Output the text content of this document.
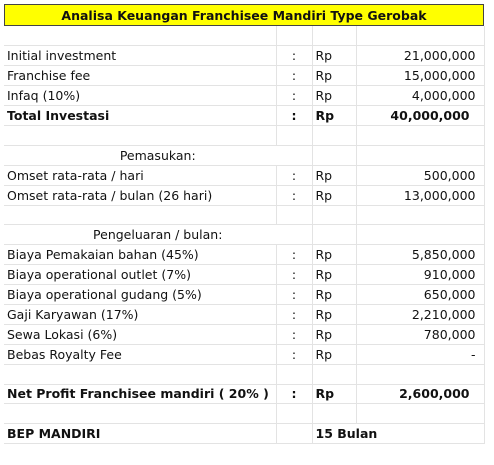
Analisa Keuangan Franchisee Mandiri Type Gerobak

Initial investment	:	Rp	21,000,000
Franchise fee	:	Rp	15,000,000
Infaq (10%)	:	Rp	4,000,000
Total Investasi	:	Rp	40,000,000

Pemasukan:			
Omset rata-rata / hari	:	Rp	500,000
Omset rata-rata / bulan (26 hari)	:	Rp	13,000,000

Pengeluaran / bulan:			
Biaya Pemakaian bahan (45%)	:	Rp	5,850,000
Biaya operational outlet (7%)	:	Rp	910,000
Biaya operational gudang (5%)	:	Rp	650,000
Gaji Karyawan (17%)	:	Rp	2,210,000
Sewa Lokasi (6%)	:	Rp	780,000
Bebas Royalty Fee	:	Rp	-

Net Profit Franchisee mandiri ( 20% )	:	Rp	2,600,000

BEP MANDIRI		15 Bulan	
